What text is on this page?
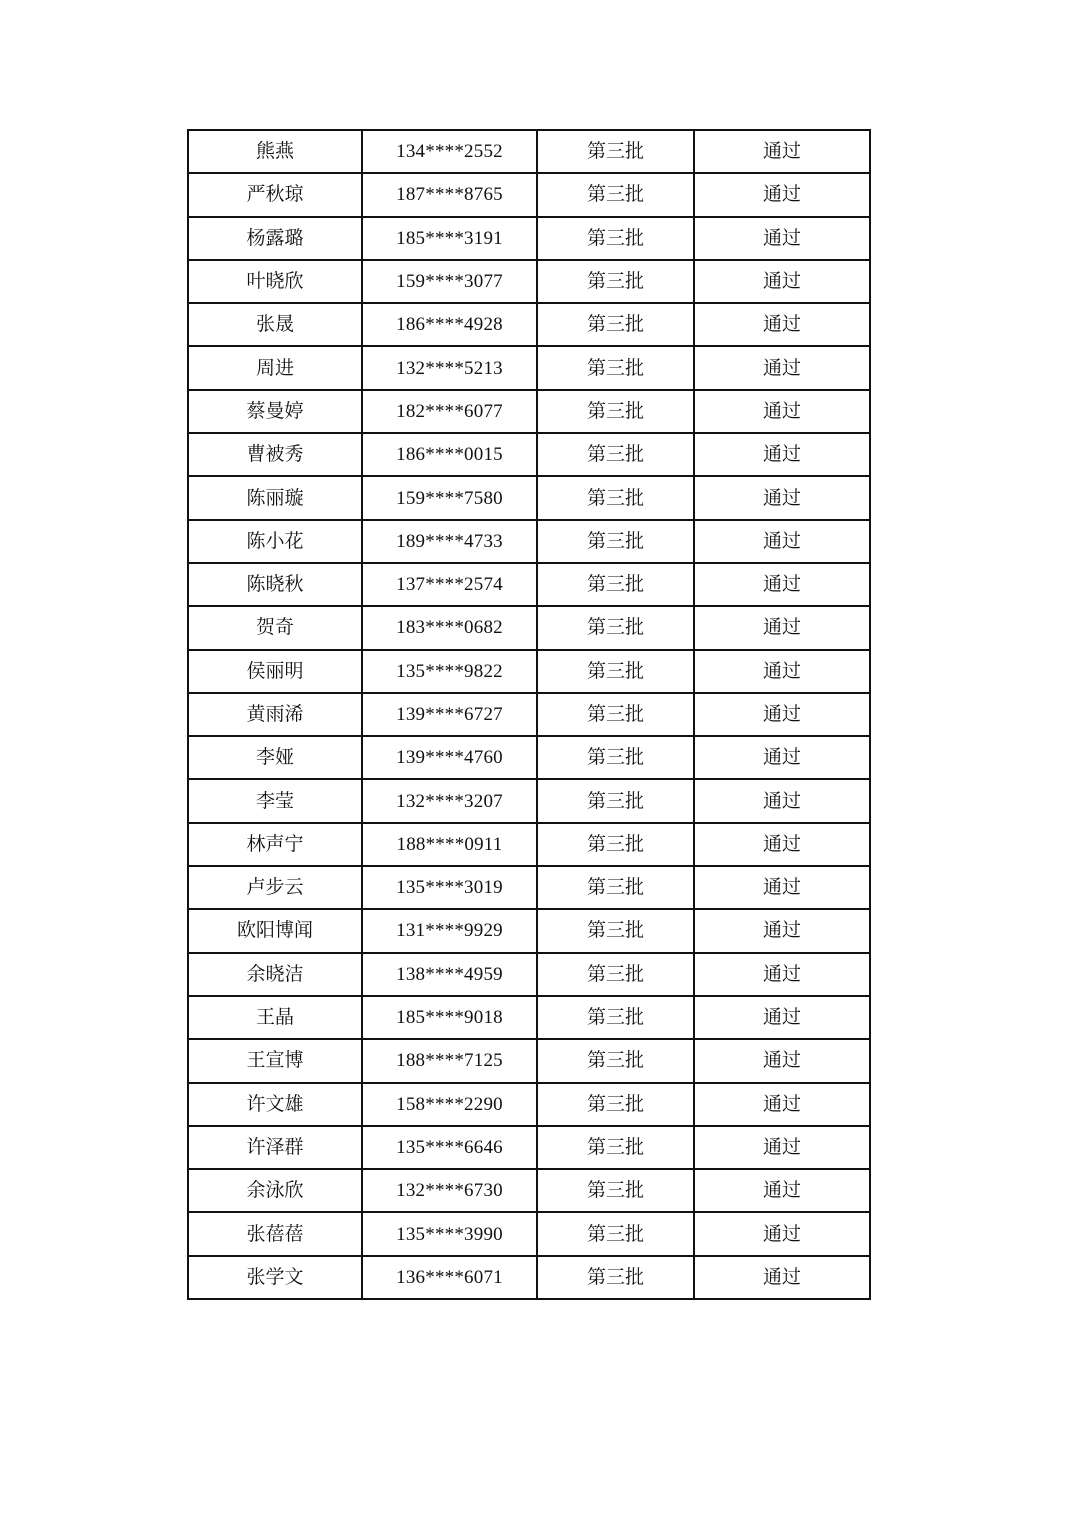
熊燕	134****2552	第三批	通过
严秋琼	187****8765	第三批	通过
杨露璐	185****3191	第三批	通过
叶晓欣	159****3077	第三批	通过
张晟	186****4928	第三批	通过
周进	132****5213	第三批	通过
蔡曼婷	182****6077	第三批	通过
曹被秀	186****0015	第三批	通过
陈丽璇	159****7580	第三批	通过
陈小花	189****4733	第三批	通过
陈晓秋	137****2574	第三批	通过
贺奇	183****0682	第三批	通过
侯丽明	135****9822	第三批	通过
黄雨浠	139****6727	第三批	通过
李娅	139****4760	第三批	通过
李莹	132****3207	第三批	通过
林声宁	188****0911	第三批	通过
卢步云	135****3019	第三批	通过
欧阳博闻	131****9929	第三批	通过
余晓洁	138****4959	第三批	通过
王晶	185****9018	第三批	通过
王宣博	188****7125	第三批	通过
许文雄	158****2290	第三批	通过
许泽群	135****6646	第三批	通过
余泳欣	132****6730	第三批	通过
张蓓蓓	135****3990	第三批	通过
张学文	136****6071	第三批	通过
